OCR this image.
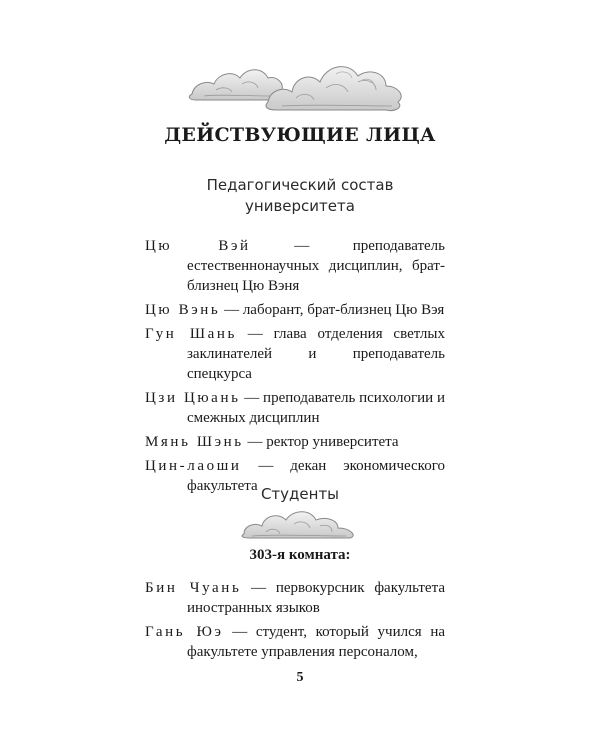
ДЕЙСТВУЮЩИЕ ЛИЦА
Педагогический состав
университета
Цю Вэй — преподаватель естественнонаучных дисциплин, брат-близнец Цю Вэня
Цю Вэнь — лаборант, брат-близнец Цю Вэя
Гун Шань — глава отделения светлых заклинателей и преподаватель спецкурса
Цзи Цюань — преподаватель психологии и смежных дисциплин
Мянь Шэнь — ректор университета
Цин-лаоши — декан экономического факультета Студенты
303-я комната:
Бин Чуань — первокурсник факультета иностранных языков
Гань Юэ — студент, который учился на факультете управления персоналом,
5
